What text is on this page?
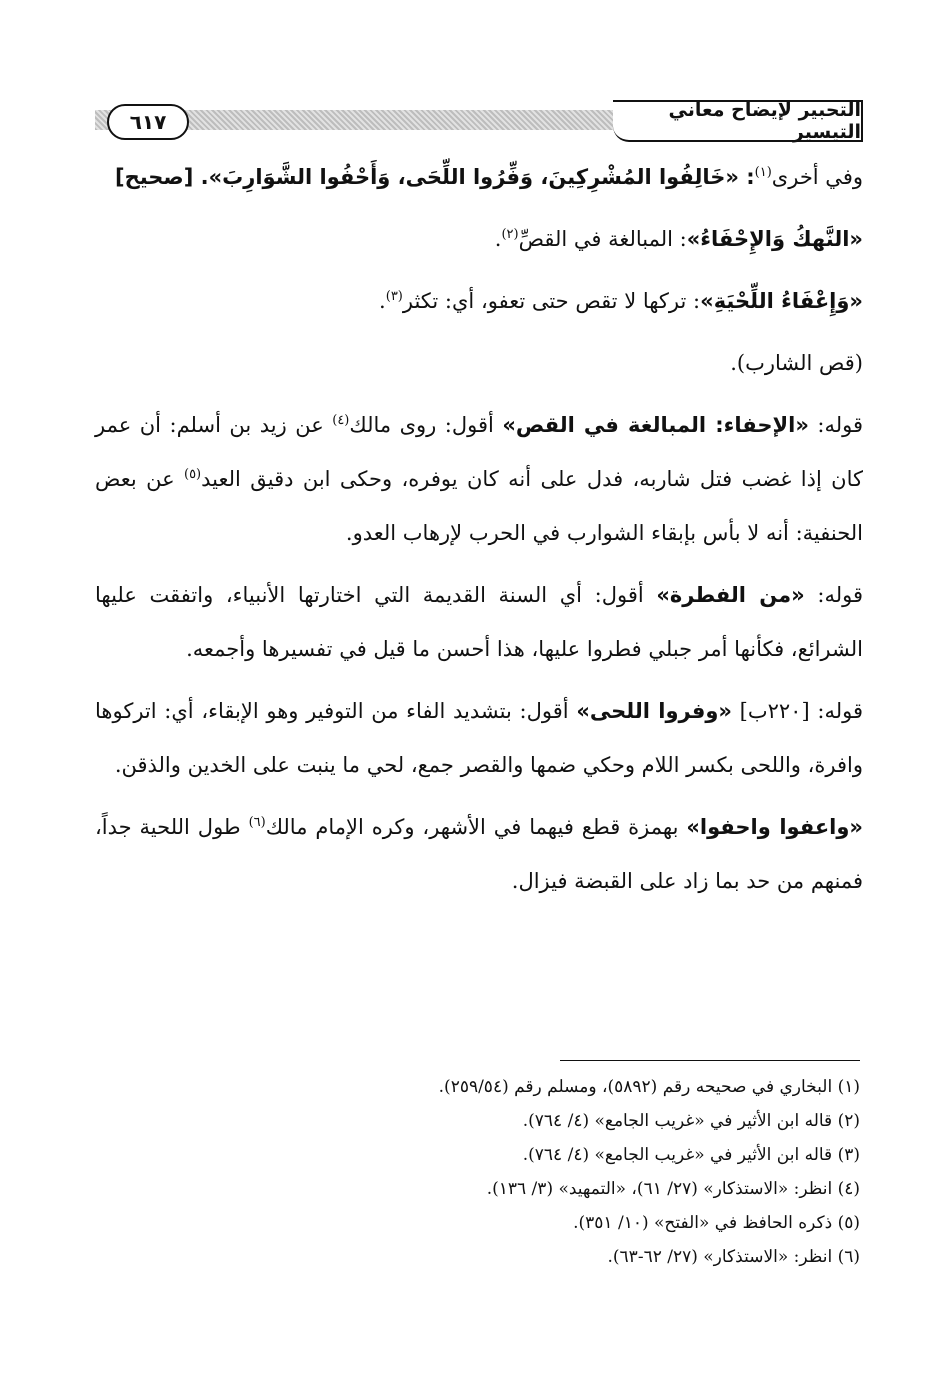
٦١٧	التحبير لإيضاح معاني التيسير

وفي أخرى$^{(١)}$: «خَالِفُوا المُشْرِكِينَ، وَفِّرُوا اللِّحَى، وَأَحْفُوا الشَّوَارِبَ». [صحيح]

«النَّهكُ وَالإِحْفَاءُ»: المبالغة في القصِّ$^{(٢)}$.

«وَإِعْفَاءُ اللِّحْيَةِ»: تركها لا تقص حتى تعفو، أي: تكثر$^{(٣)}$.

(قص الشارب).

قوله: «الإحفاء: المبالغة في القص» أقول: روى مالك$^{(٤)}$ عن زيد بن أسلم: أن عمر كان إذا غضب فتل شاربه، فدل على أنه كان يوفره، وحكى ابن دقيق العيد$^{(٥)}$ عن بعض الحنفية: أنه لا بأس بإبقاء الشوارب في الحرب لإرهاب العدو.

قوله: «من الفطرة» أقول: أي السنة القديمة التي اختارتها الأنبياء، واتفقت عليها الشرائع، فكأنها أمر جبلي فطروا عليها، هذا أحسن ما قيل في تفسيرها وأجمعه.

قوله: [٢٢٠ب] «وفروا اللحى» أقول: بتشديد الفاء من التوفير وهو الإبقاء، أي: اتركوها وافرة، واللحى بكسر اللام وحكي ضمها والقصر جمع، لحي ما ينبت على الخدين والذقن.

«واعفوا واحفوا» بهمزة قطع فيهما في الأشهر، وكره الإمام مالك$^{(٦)}$ طول اللحية جداً، فمنهم من حد بما زاد على القبضة فيزال.

(١) البخاري في صحيحه رقم (٥٨٩٢)، ومسلم رقم (٢٥٩/٥٤).

(٢) قاله ابن الأثير في «غريب الجامع» (٤/ ٧٦٤).

(٣) قاله ابن الأثير في «غريب الجامع» (٤/ ٧٦٤).

(٤) انظر: «الاستذكار» (٢٧/ ٦١)، «التمهيد» (٣/ ١٣٦).

(٥) ذكره الحافظ في «الفتح» (١٠/ ٣٥١).

(٦) انظر: «الاستذكار» (٢٧/ ٦٢-٦٣).
